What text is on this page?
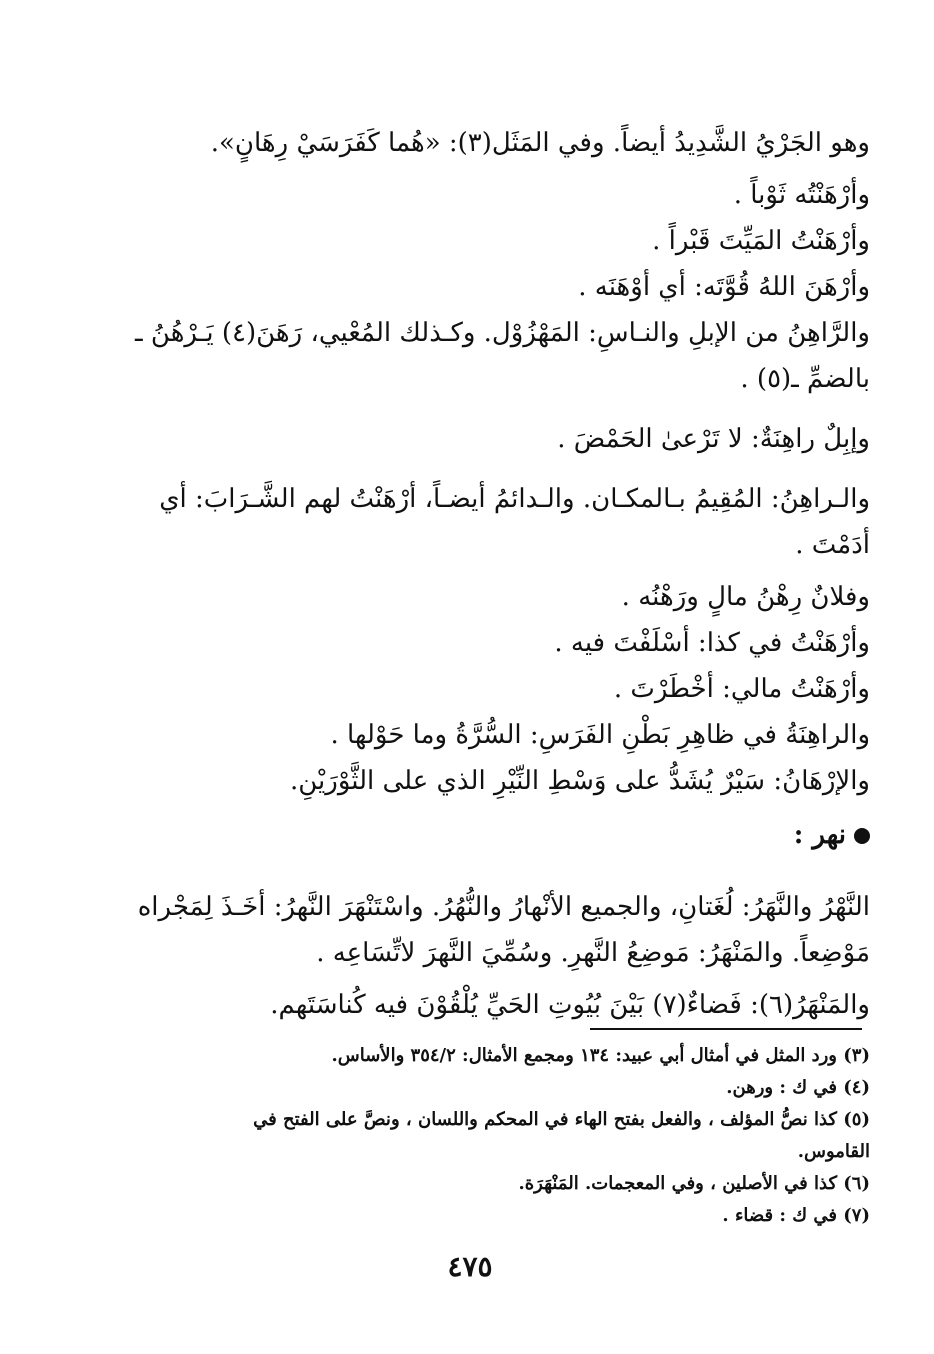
وهو الجَرْيُ الشَّدِيدُ أيضاً. وفي المَثَل(٣): «هُما كَفَرَسَيْ رِهَانٍ».

وأرْهَنْتُه ثَوْباً .

وأرْهَنْتُ المَيِّتَ قَبْراً .

وأرْهَنَ اللهُ قُوَّتَه: أي أوْهَنَه .

والرَّاهِنُ من الإبلِ والنـاسِ: المَهْزُوْل. وكـذلك المُعْيي، رَهَنَ(٤) يَـرْهُنُ ـ بالضمِّ ـ(٥) .

وإبِلٌ راهِنَةٌ: لا تَرْعىٰ الحَمْضَ .

والـراهِنُ: المُقِيمُ بـالمكـان. والـدائمُ أيضـاً، أرْهَنْتُ لهم الشَّـرَابَ: أي أدَمْتَ .

وفلانٌ رِهْنُ مالٍ ورَهْنُه .

وأرْهَنْتُ في كذا: أسْلَفْتَ فيه .

وأرْهَنْتُ مالي: أخْطَرْتَ .

والراهِنَةُ في ظاهِرِ بَطْنِ الفَرَسِ: السُّرَّةُ وما حَوْلها .

والإرْهَانُ: سَيْرٌ يُشَدُّ على وَسْطِ النِّيْرِ الذي على الثَّوْرَيْنِ.

نهر :

النَّهْرُ والنَّهَرُ: لُغَتانِ، والجميع الأنْهارُ والنُّهُرُ. واسْتَنْهَرَ النَّهرُ: أخَـذَ لِمَجْراه مَوْضِعاً. والمَنْهَرُ: مَوضِعُ النَّهرِ. وسُمِّيَ النَّهرَ لاتِّسَاعِه .

والمَنْهَرُ(٦): فَضاءٌ(٧) بَيْنَ بُيُوتِ الحَيِّ يُلْقُوْنَ فيه كُناسَتَهم.

(٣) ورد المثل في أمثال أبي عبيد: ١٣٤ ومجمع الأمثال: ٣٥٤/٢ والأساس.

(٤) في ك : ورهن.

(٥) كذا نصُّ المؤلف ، والفعل بفتح الهاء في المحكم واللسان ، ونصَّ على الفتح في القاموس.

(٦) كذا في الأصلين ، وفي المعجمات. المَنْهَرَة.

(٧) في ك : قضاء .

٤٧٥
